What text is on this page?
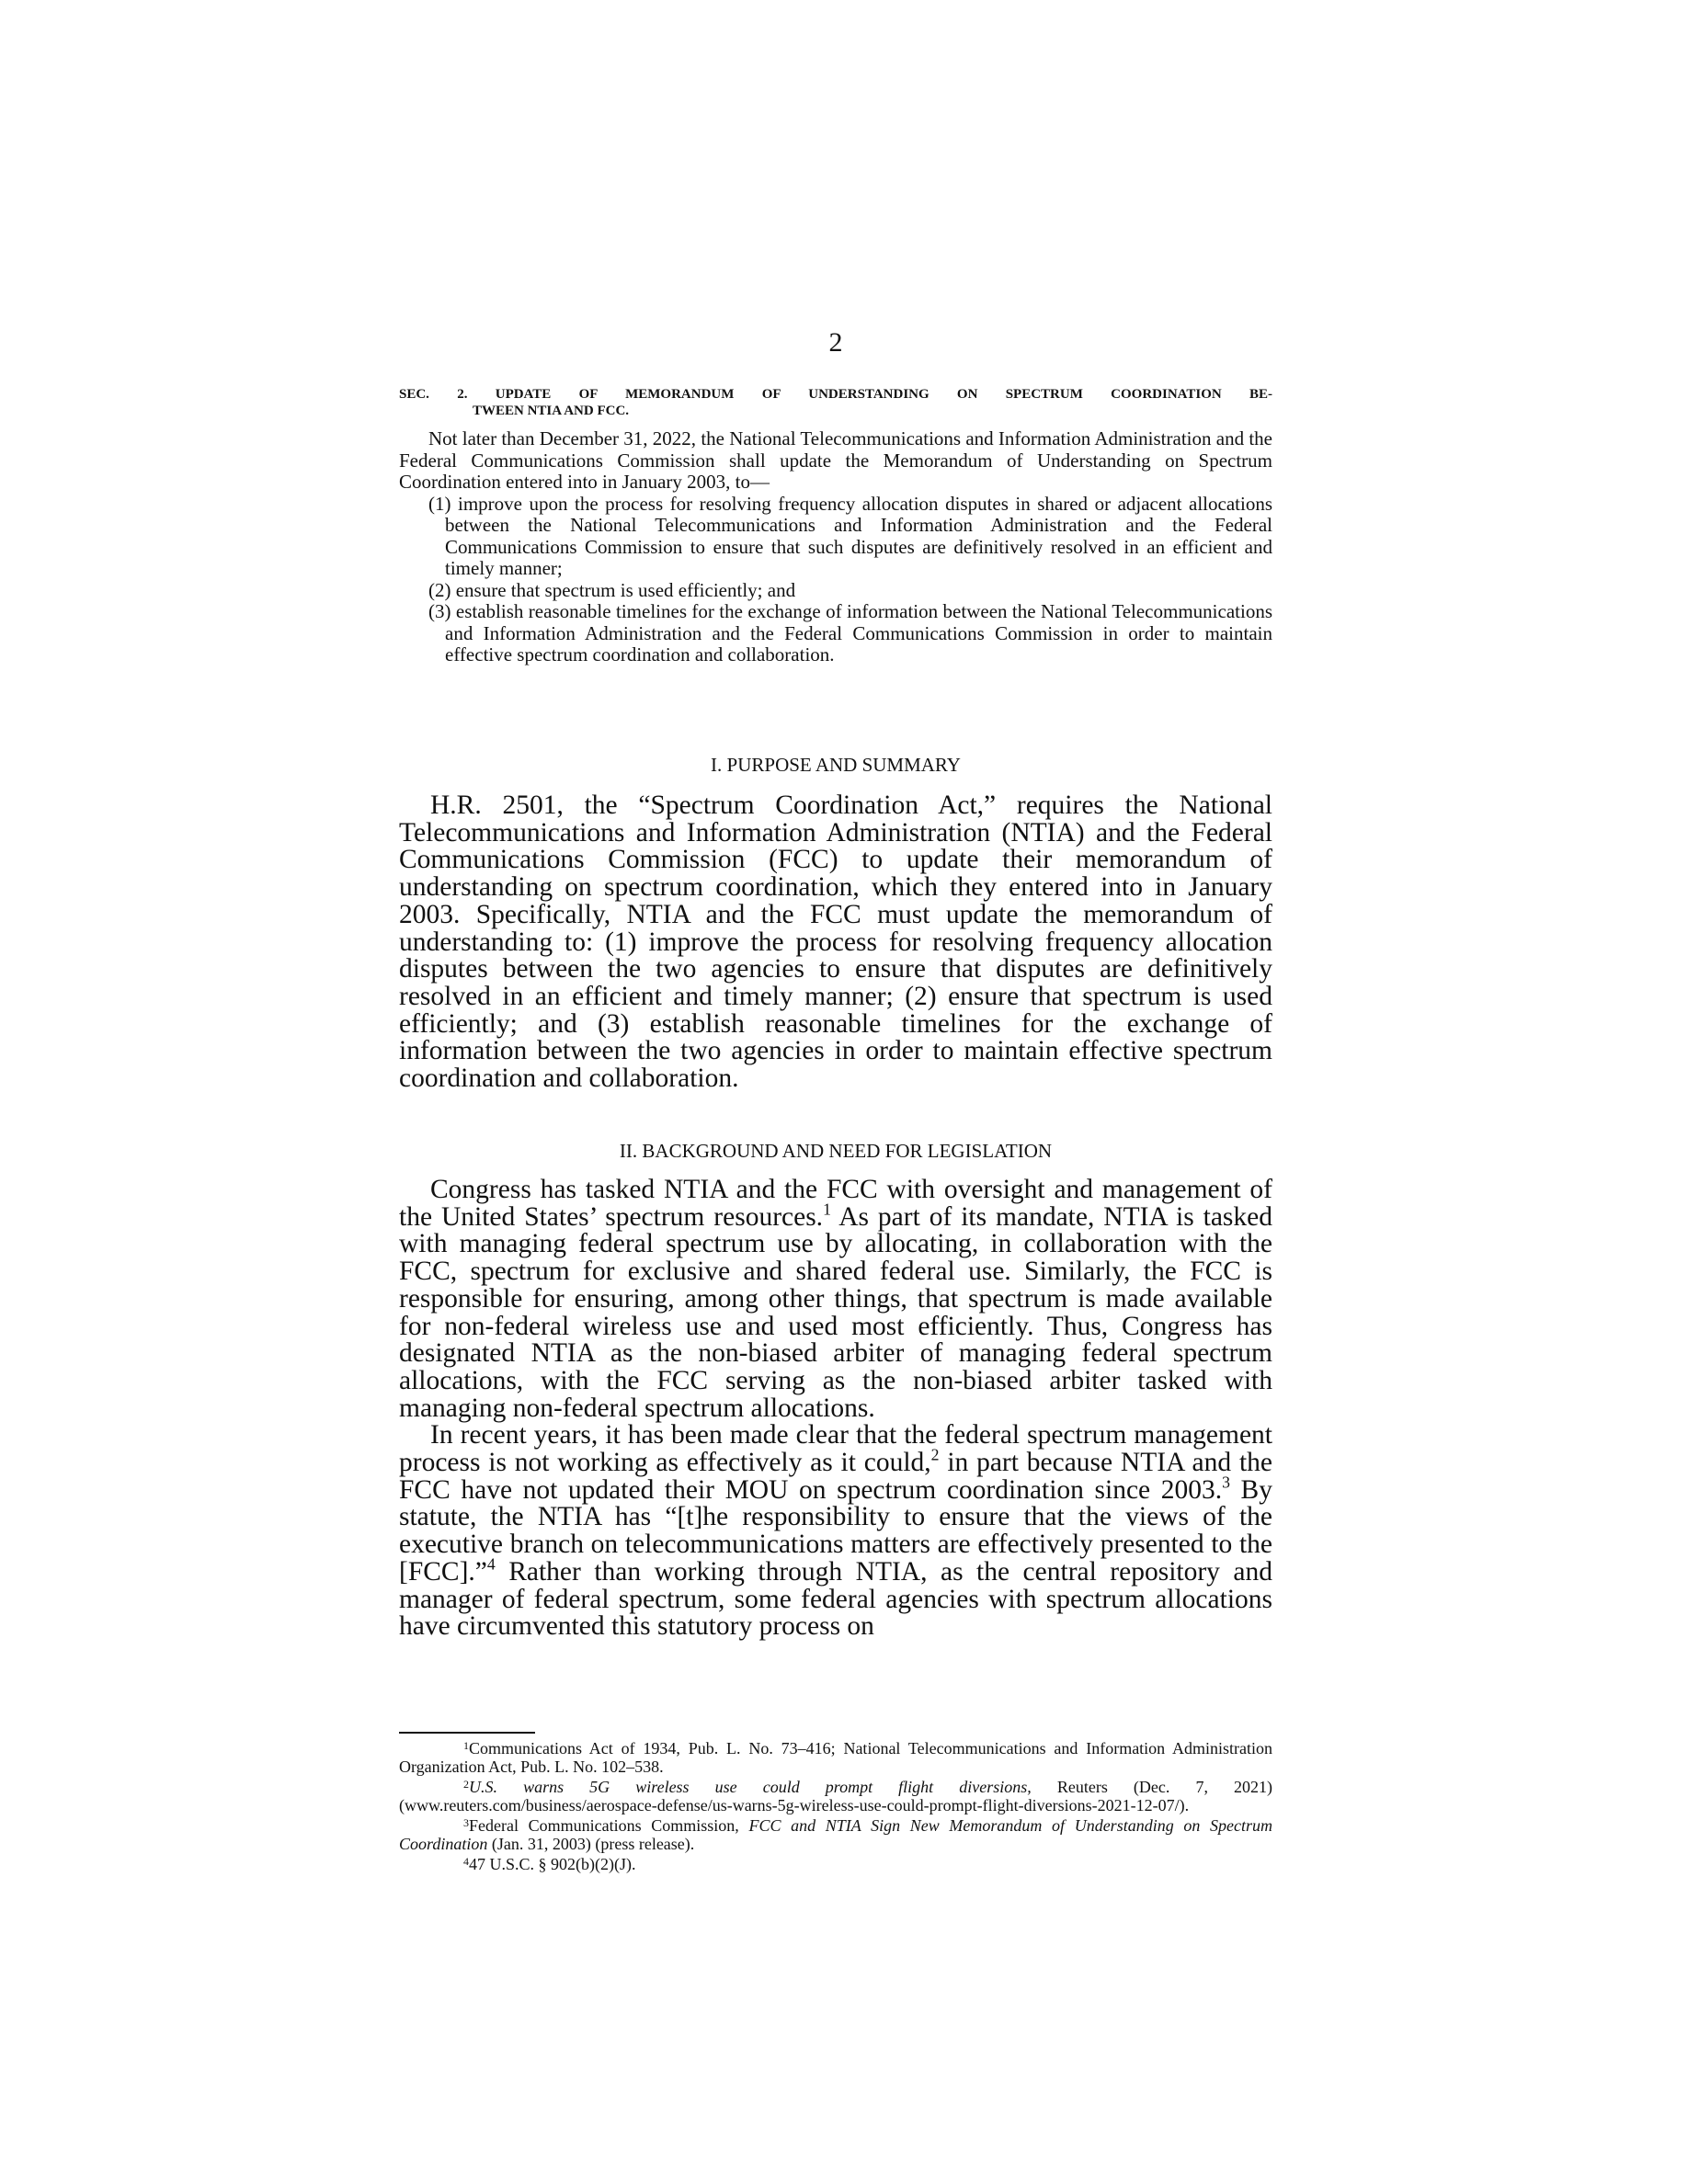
2
SEC. 2. UPDATE OF MEMORANDUM OF UNDERSTANDING ON SPECTRUM COORDINATION BE-
TWEEN NTIA AND FCC.

Not later than December 31, 2022, the National Telecommunications and Information Administration and the Federal Communications Commission shall update the Memorandum of Understanding on Spectrum Coordination entered into in January 2003, to—

(1) improve upon the process for resolving frequency allocation disputes in shared or adjacent allocations between the National Telecommunications and Information Administration and the Federal Communications Commission to ensure that such disputes are definitively resolved in an efficient and timely manner;

(2) ensure that spectrum is used efficiently; and

(3) establish reasonable timelines for the exchange of information between the National Telecommunications and Information Administration and the Federal Communications Commission in order to maintain effective spectrum coordination and collaboration.

I. PURPOSE AND SUMMARY

H.R. 2501, the “Spectrum Coordination Act,” requires the National Telecommunications and Information Administration (NTIA) and the Federal Communications Commission (FCC) to update their memorandum of understanding on spectrum coordination, which they entered into in January 2003. Specifically, NTIA and the FCC must update the memorandum of understanding to: (1) improve the process for resolving frequency allocation disputes between the two agencies to ensure that disputes are definitively resolved in an efficient and timely manner; (2) ensure that spectrum is used efficiently; and (3) establish reasonable timelines for the exchange of information between the two agencies in order to maintain effective spectrum coordination and collaboration.

II. BACKGROUND AND NEED FOR LEGISLATION

Congress has tasked NTIA and the FCC with oversight and management of the United States’ spectrum resources.$^1$ As part of its mandate, NTIA is tasked with managing federal spectrum use by allocating, in collaboration with the FCC, spectrum for exclusive and shared federal use. Similarly, the FCC is responsible for ensuring, among other things, that spectrum is made available for non-federal wireless use and used most efficiently. Thus, Congress has designated NTIA as the non-biased arbiter of managing federal spectrum allocations, with the FCC serving as the non-biased arbiter tasked with managing non-federal spectrum allocations.

In recent years, it has been made clear that the federal spectrum management process is not working as effectively as it could,$^2$ in part because NTIA and the FCC have not updated their MOU on spectrum coordination since 2003.$^3$ By statute, the NTIA has “[t]he responsibility to ensure that the views of the executive branch on telecommunications matters are effectively presented to the [FCC].”$^4$ Rather than working through NTIA, as the central repository and manager of federal spectrum, some federal agencies with spectrum allocations have circumvented this statutory process on

$^1$Communications Act of 1934, Pub. L. No. 73–416; National Telecommunications and Information Administration Organization Act, Pub. L. No. 102–538.

$^2$U.S. warns 5G wireless use could prompt flight diversions, Reuters (Dec. 7, 2021) (www.reuters.com/business/aerospace-defense/us-warns-5g-wireless-use-could-prompt-flight-diversions-2021-12-07/).

$^3$Federal Communications Commission, FCC and NTIA Sign New Memorandum of Understanding on Spectrum Coordination (Jan. 31, 2003) (press release).

$^4$47 U.S.C. § 902(b)(2)(J).
